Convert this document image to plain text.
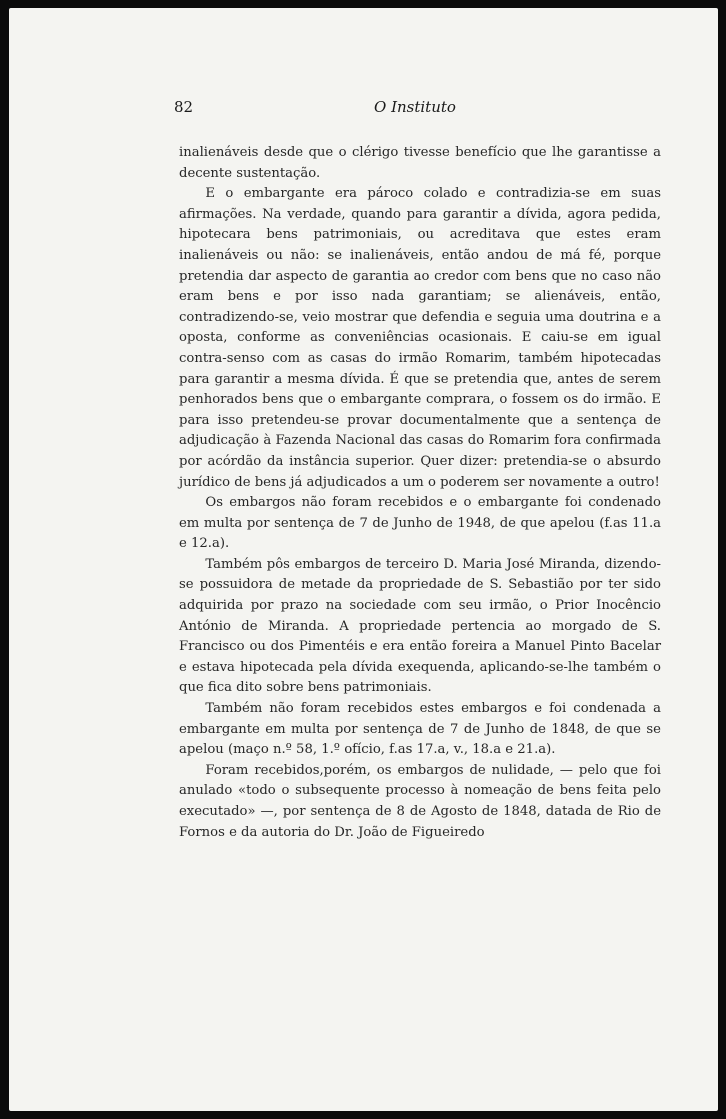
82	O Instituto

inalienáveis desde que o clérigo tivesse benefício que lhe garantisse a decente sustentação.

E o embargante era pároco colado e contradizia-se em suas afirmações. Na verdade, quando para garantir a dívida, agora pedida, hipotecara bens patrimoniais, ou acreditava que estes eram inalienáveis ou não: se inalienáveis, então andou de má fé, porque pretendia dar aspecto de garantia ao credor com bens que no caso não eram bens e por isso nada garantiam; se alienáveis, então, contradizendo-se, veio mostrar que defendia e seguia uma doutrina e a oposta, conforme as conveniências ocasionais. E caiu-se em igual contra-senso com as casas do irmão Romarim, também hipotecadas para garantir a mesma dívida. É que se pretendia que, antes de serem penhorados bens que o embargante comprara, o fossem os do irmão. E para isso pretendeu-se provar documentalmente que a sentença de adjudicação à Fazenda Nacional das casas do Romarim fora confirmada por acórdão da instância superior. Quer dizer: pretendia-se o absurdo jurídico de bens já adjudicados a um o poderem ser novamente a outro!

Os embargos não foram recebidos e o embargante foi condenado em multa por sentença de 7 de Junho de 1948, de que apelou (f.as 11.a e 12.a).

Também pôs embargos de terceiro D. Maria José Miranda, dizendo-se possuidora de metade da propriedade de S. Sebastião por ter sido adquirida por prazo na sociedade com seu irmão, o Prior Inocêncio António de Miranda. A propriedade pertencia ao morgado de S. Francisco ou dos Pimentéis e era então foreira a Manuel Pinto Bacelar e estava hipotecada pela dívida exequenda, aplicando-se-lhe também o que fica dito sobre bens patrimoniais.

Também não foram recebidos estes embargos e foi condenada a embargante em multa por sentença de 7 de Junho de 1848, de que se apelou (maço n.º 58, 1.º ofício, f.as 17.a, v., 18.a e 21.a).

Foram recebidos,porém, os embargos de nulidade, — pelo que foi anulado «todo o subsequente processo à nomeação de bens feita pelo executado» —, por sentença de 8 de Agosto de 1848, datada de Rio de Fornos e da autoria do Dr. João de Figueiredo
